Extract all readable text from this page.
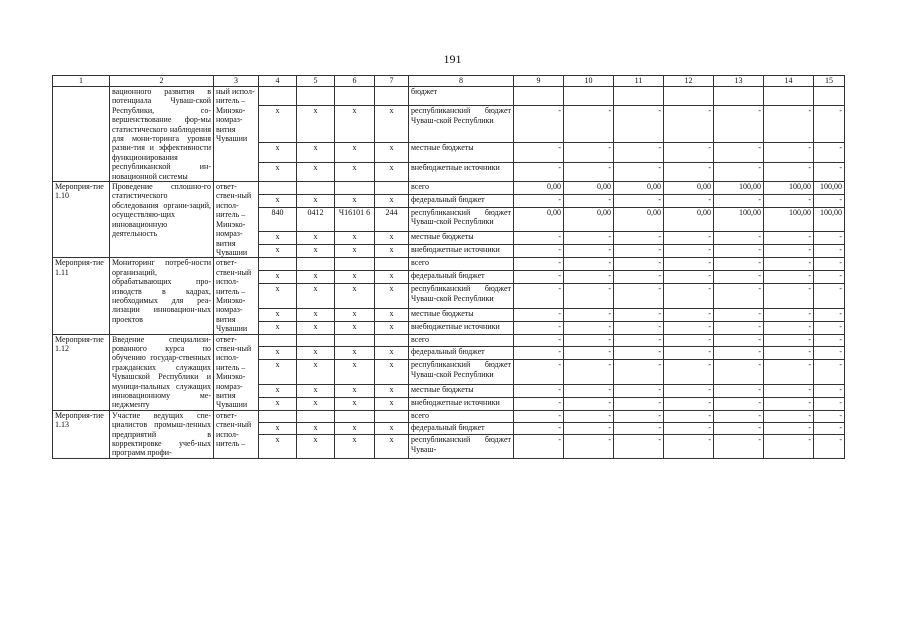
191
1	2	3	4	5	6	7	8	9	10	11	12	13	14	15
	вационного развития в потенциала Чуваш-ской Республики, со-вершенствование фор-мы статистического наблюдения для мони-торинга уровня разви-тия и эффективности функционирования республиканской ин-новационной системы	ный испол-нитель – Минэко-номраз-вития Чувашии					бюджет							
			х	х	х	х	республиканский бюджет Чуваш-ской Республики	-	-	-	-	-	-	-
			х	х	х	х	местные бюджеты	-	-	-	-	-	-	-
			х	х	х	х	внебюджетные источники	-	-	-	-	-	-	-
Мероприя-тие 1.10	Проведение сплошно-го статистического обследования органи-заций, осуществляю-щих инновационную деятельность	ответ-ствен-ный испол-нитель – Минэко-номраз-вития Чувашии					всего	0,00	0,00	0,00	0,00	100,00	100,00	100,00
			х	х	х	х	федеральный бюджет	-	-	-	-	-	-	-
			840	0412	Ч16101 6	244	республиканский бюджет Чуваш-ской Республики	0,00	0,00	0,00	0,00	100,00	100,00	100,00
			х	х	х	х	местные бюджеты	-	-	-	-	-	-	-
			х	х	х	х	внебюджетные источники	-	-	-	-	-	-	-
Мероприя-тие 1.11	Мониторинг потреб-ности организаций, обрабатывающих про-изводств в кадрах, необходимых для реа-лизации инновацион-ных проектов	ответ-ствен-ный испол-нитель – Минэко-номраз-вития Чувашии					всего	-	-	-	-	-	-	-
			х	х	х	х	федеральный бюджет	-	-	-	-	-	-	-
			х	х	х	х	республиканский бюджет Чуваш-ской Республики	-	-	-	-	-	-	-
			х	х	х	х	местные бюджеты	-	-	-	-	-	-	-
			х	х	х	х	внебюджетные источники	-	-	-	-	-	-	-
Мероприя-тие 1.12	Введение специализи-рованного курса по обучению государ-ственных гражданских служащих Чувашской Республики и муници-пальных служащих инновационному ме-неджменту	ответ-ствен-ный испол-нитель – Минэко-номраз-вития Чувашии					всего	-	-	-	-	-	-	-
			х	х	х	х	федеральный бюджет	-	-	-	-	-	-	-
			х	х	х	х	республиканский бюджет Чуваш-ской Республики	-	-	-	-	-	-	-
			х	х	х	х	местные бюджеты	-	-	-	-	-	-	-
			х	х	х	х	внебюджетные источники	-	-	-	-	-	-	-
Мероприя-тие 1.13	Участие ведущих спе-циалистов промыш-ленных предприятий в корректировке учеб-ных программ профи-	ответ-ствен-ный испол-нитель –					всего	-	-	-	-	-	-	-
			х	х	х	х	федеральный бюджет	-	-	-	-	-	-	-
			х	х	х	х	республиканский бюджет Чуваш-	-	-	-	-	-	-	-
